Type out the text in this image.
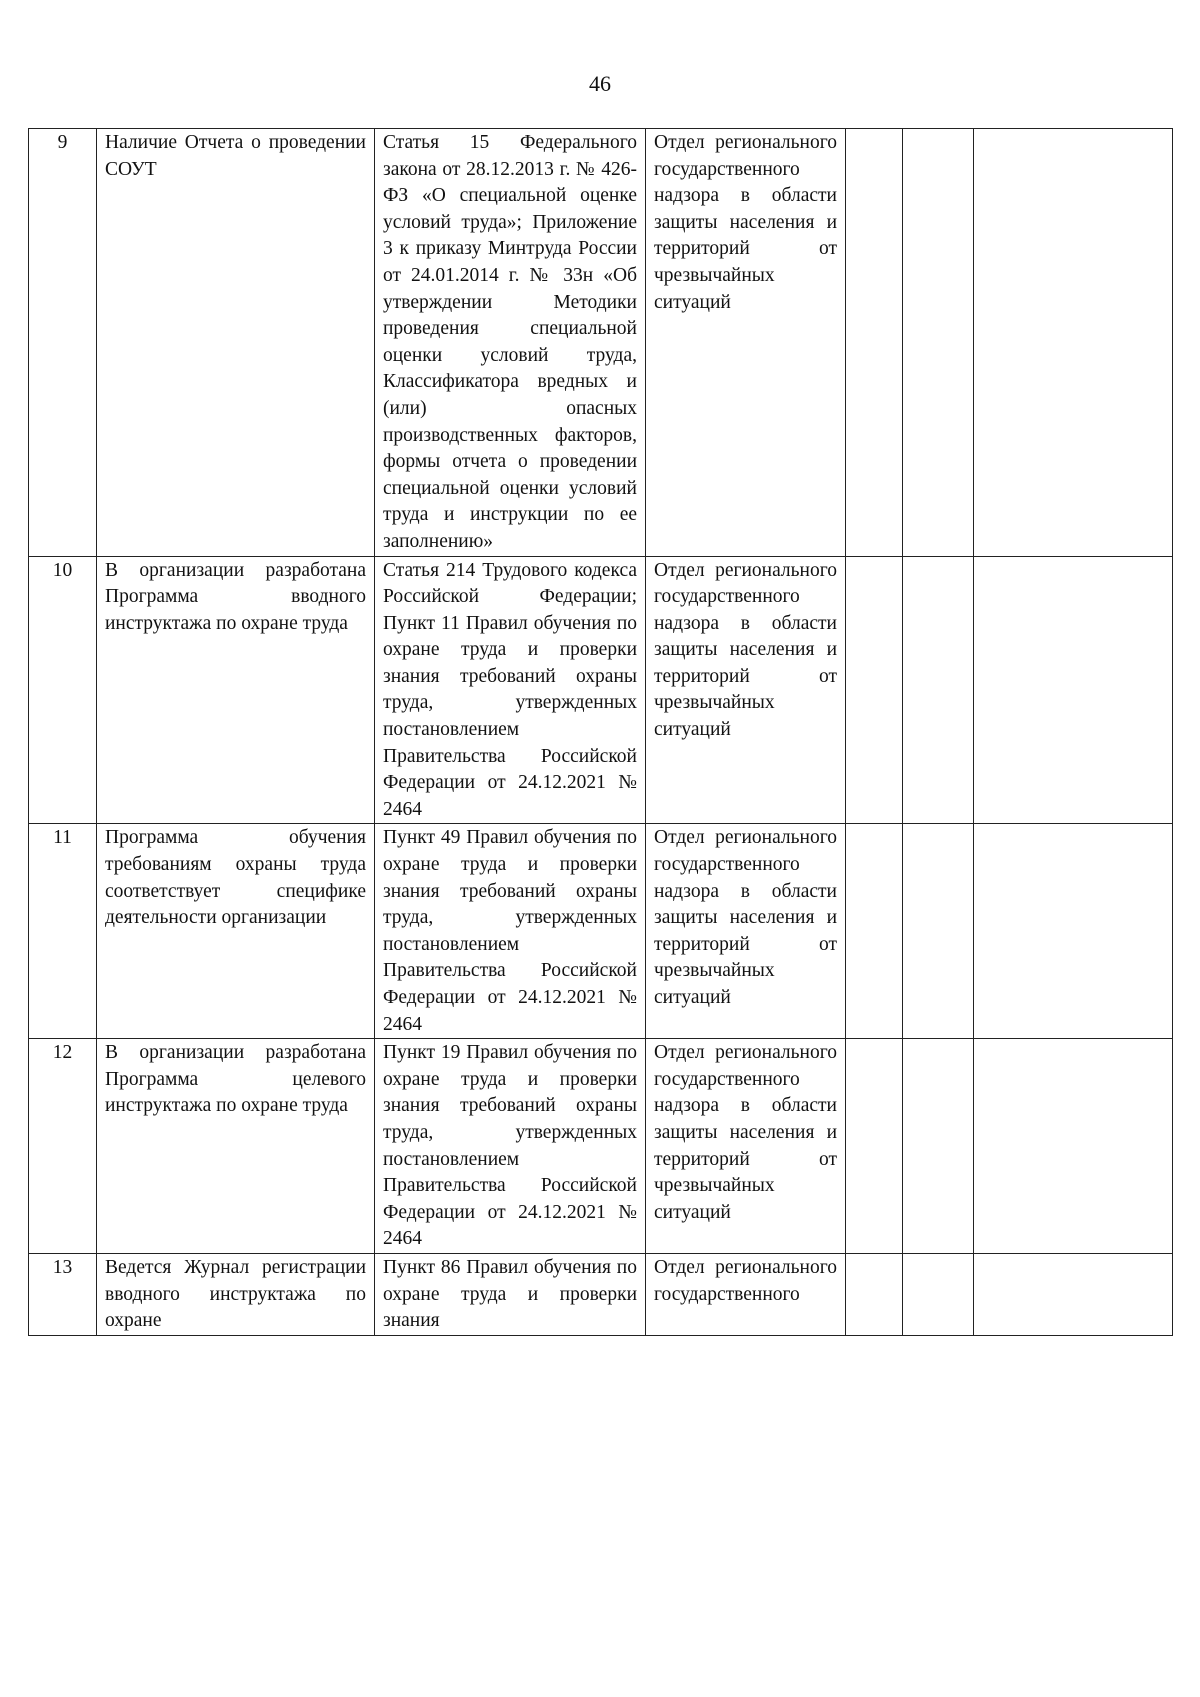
46
9	Наличие Отчета о проведении СОУТ	Статья 15 Федерального закона от 28.12.2013 г. № 426-ФЗ «О специальной оценке условий труда»; Приложение 3 к приказу Минтруда России от 24.01.2014 г. № 33н «Об утверждении Методики проведения специальной оценки условий труда, Классификатора вредных и (или) опасных производственных факторов, формы отчета о проведении специальной оценки условий труда и инструкции по ее заполнению»	Отдел регионального государственного надзора в области защиты населения и территорий от чрезвычайных ситуаций			
10	В организации разработана Программа вводного инструктажа по охране труда	Статья 214 Трудового кодекса Российской Федерации; Пункт 11 Правил обучения по охране труда и проверки знания требований охраны труда, утвержденных постановлением Правительства Российской Федерации от 24.12.2021 № 2464	Отдел регионального государственного надзора в области защиты населения и территорий от чрезвычайных ситуаций			
11	Программа обучения требованиям охраны труда соответствует специфике деятельности организации	Пункт 49 Правил обучения по охране труда и проверки знания требований охраны труда, утвержденных постановлением Правительства Российской Федерации от 24.12.2021 № 2464	Отдел регионального государственного надзора в области защиты населения и территорий от чрезвычайных ситуаций			
12	В организации разработана Программа целевого инструктажа по охране труда	Пункт 19 Правил обучения по охране труда и проверки знания требований охраны труда, утвержденных постановлением Правительства Российской Федерации от 24.12.2021 № 2464	Отдел регионального государственного надзора в области защиты населения и территорий от чрезвычайных ситуаций			

13	Ведется Журнал регистрации вводного инструктажа по охране	Пункт 86 Правил обучения по охране труда и проверки знания	Отдел регионального государственного			
